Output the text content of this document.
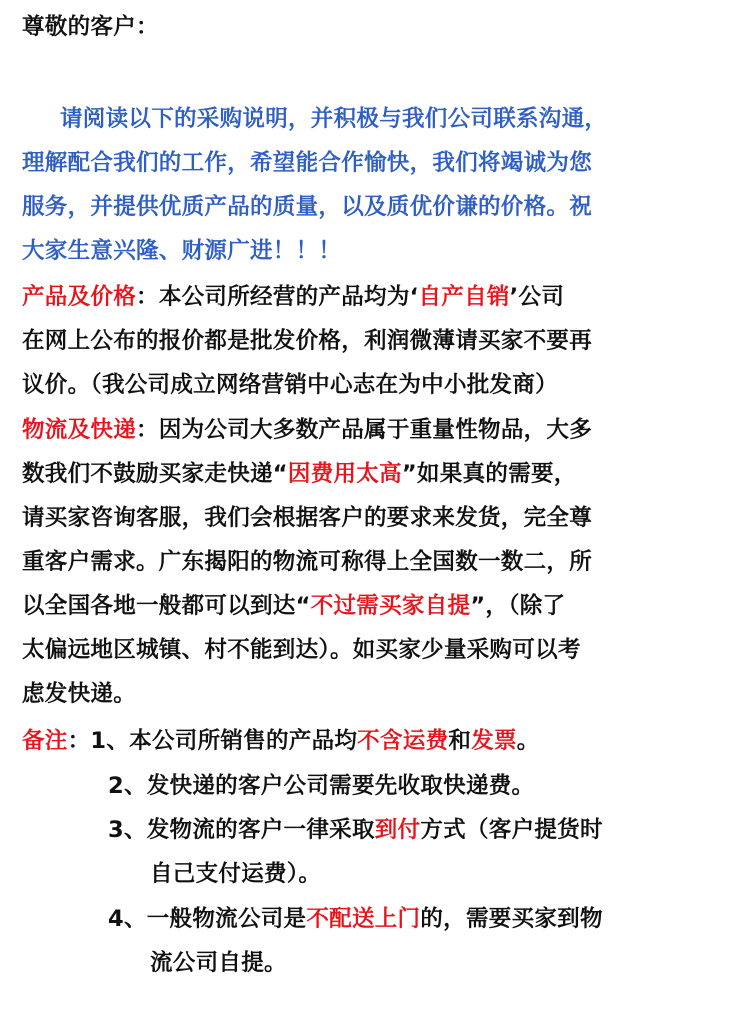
尊敬的客户：
请阅读以下的采购说明，并积极与我们公司联系沟通，
理解配合我们的工作，希望能合作愉快，我们将竭诚为您
服务，并提供优质产品的质量，以及质优价谦的价格。祝
大家生意兴隆、财源广进！！！
产品及价格：本公司所经营的产品均为‘自产自销’公司
在网上公布的报价都是批发价格，利润微薄请买家不要再
议价。（我公司成立网络营销中心志在为中小批发商）
物流及快递：因为公司大多数产品属于重量性物品，大多
数我们不鼓励买家走快递“因费用太高”如果真的需要，
请买家咨询客服，我们会根据客户的要求来发货，完全尊
重客户需求。广东揭阳的物流可称得上全国数一数二，所
以全国各地一般都可以到达“不过需买家自提”，（除了
太偏远地区城镇、村不能到达）。如买家少量采购可以考
虑发快递。
备注：1、本公司所销售的产品均不含运费和发票。
2、发快递的客户公司需要先收取快递费。
3、发物流的客户一律采取到付方式（客户提货时
自己支付运费）。
4、一般物流公司是不配送上门的，需要买家到物
流公司自提。
